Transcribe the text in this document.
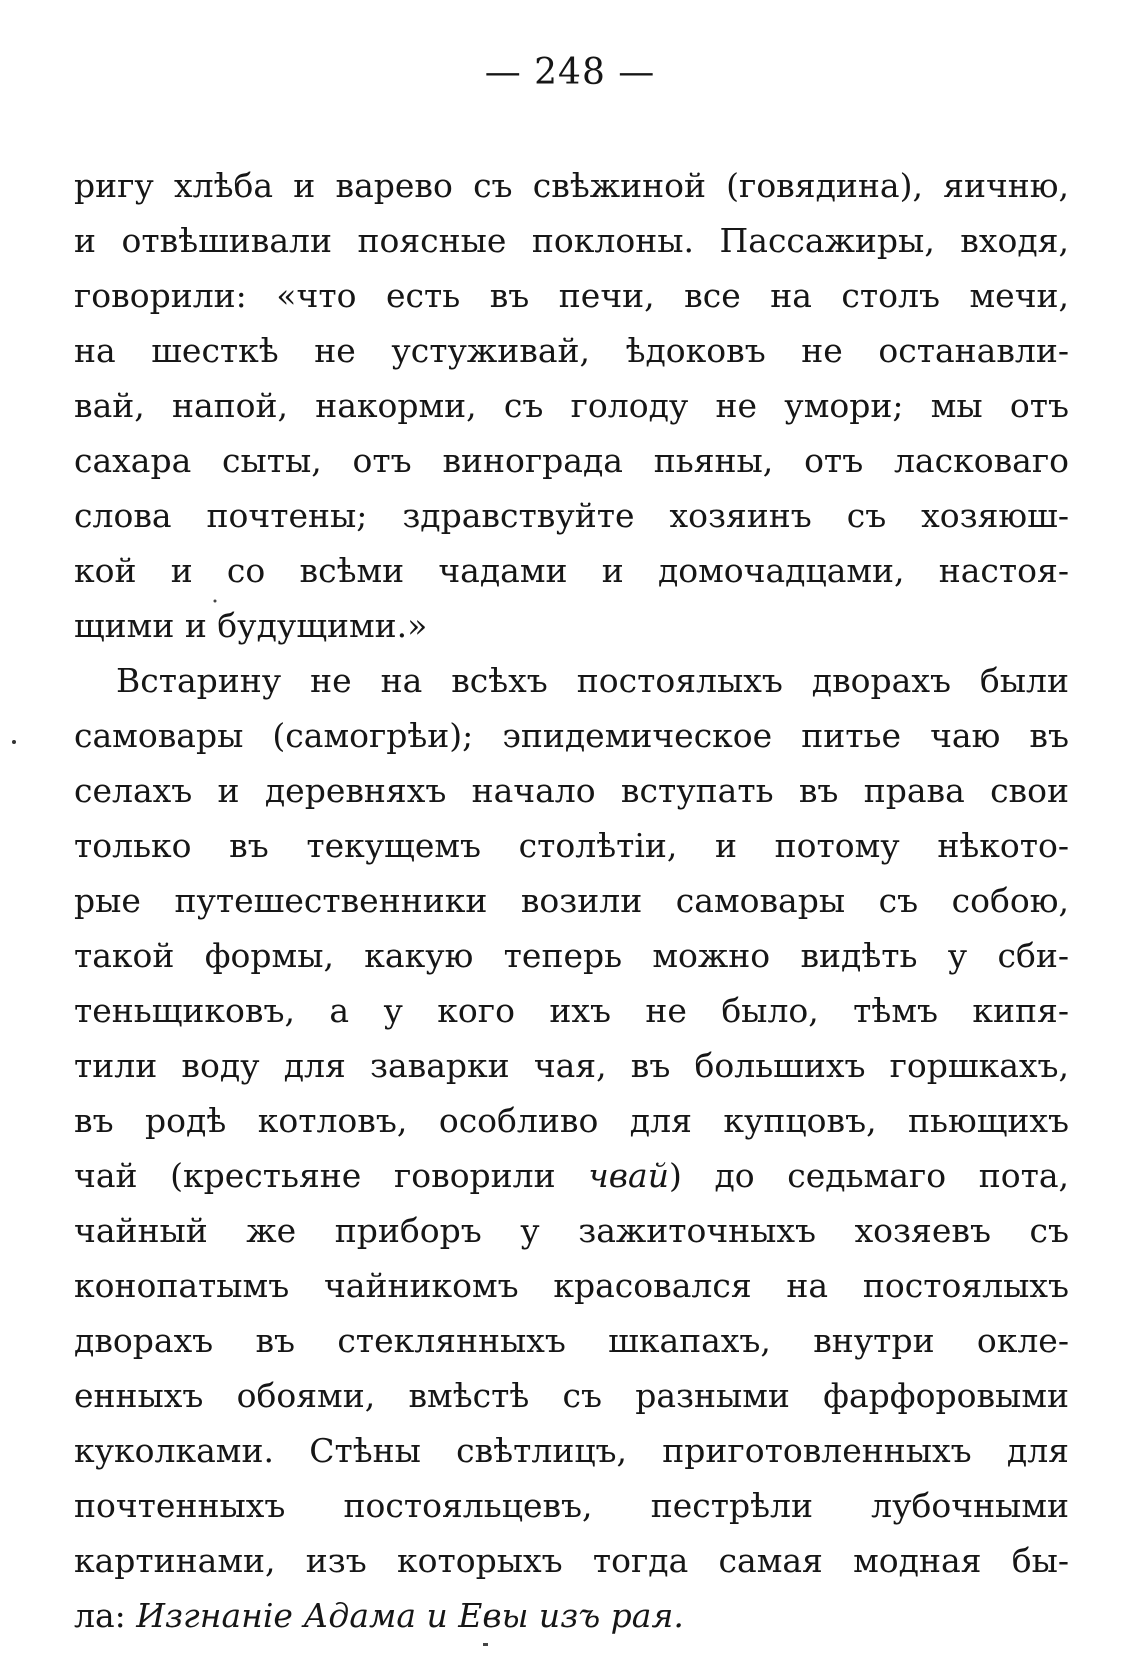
— 248 —
ригу хлѣба и варево съ свѣжиной (говядина), яичню,
и отвѣшивали поясные поклоны. Пассажиры, входя,
говорили: «что есть въ печи, все на столъ мечи,
на шесткѣ не устуживай, ѣдоковъ не останавли-
вай, напой, накорми, съ голоду не умори; мы отъ
сахара сыты, отъ винограда пьяны, отъ ласковаго
слова почтены; здравствуйте хозяинъ съ хозяюш-
кой и со всѣми чадами и домочадцами, настоя-
щими и будущими.»
Встарину не на всѣхъ постоялыхъ дворахъ были
самовары (самогрѣи); эпидемическое питье чаю въ
селахъ и деревняхъ начало вступать въ права свои
только въ текущемъ столѣтіи, и потому нѣкото-
рые путешественники возили самовары съ собою,
такой формы, какую теперь можно видѣть у сби-
теньщиковъ, а у кого ихъ не было, тѣмъ кипя-
тили воду для заварки чая, въ большихъ горшкахъ,
въ родѣ котловъ, особливо для купцовъ, пьющихъ
чай (крестьяне говорили чвай) до седьмаго пота,
чайный же приборъ у зажиточныхъ хозяевъ съ
конопатымъ чайникомъ красовался на постоялыхъ
дворахъ въ стеклянныхъ шкапахъ, внутри окле-
енныхъ обоями, вмѣстѣ съ разными фарфоровыми
куколками. Стѣны свѣтлицъ, приготовленныхъ для
почтенныхъ постояльцевъ, пестрѣли лубочными
картинами, изъ которыхъ тогда самая модная бы-
ла: Изгнаніе Адама и Евы изъ рая.
